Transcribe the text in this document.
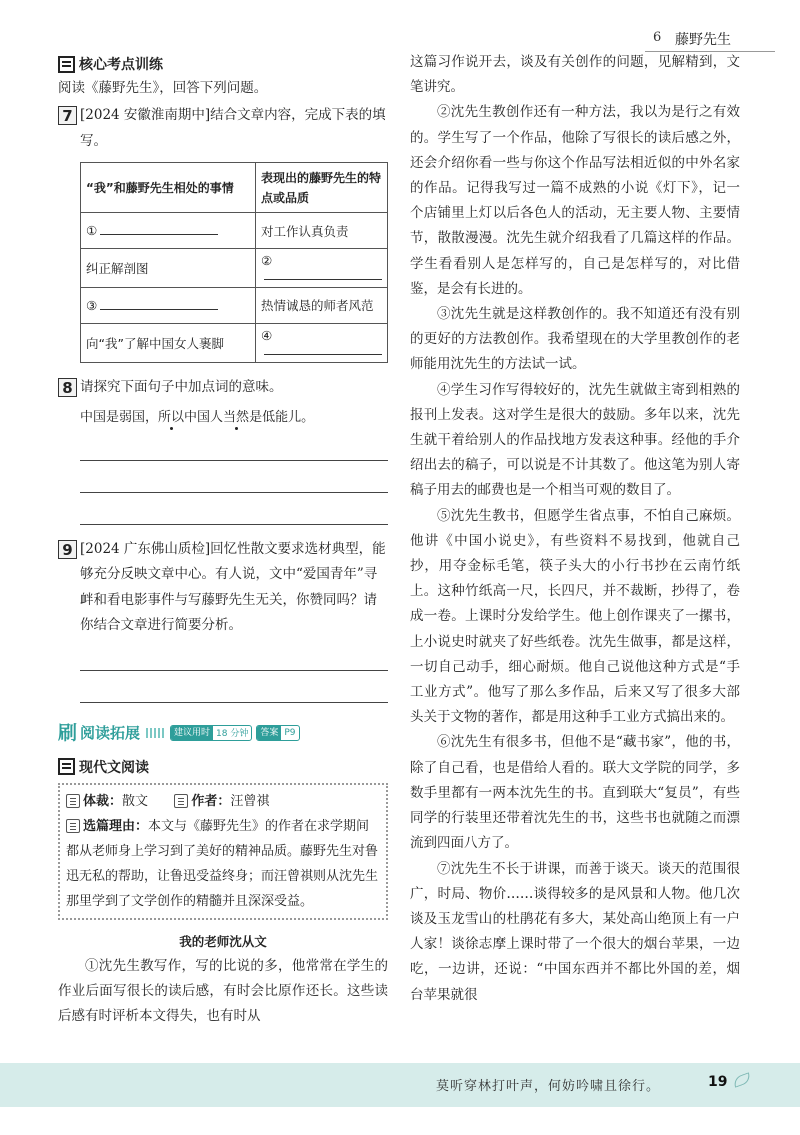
6 藤野先生
核心考点训练
阅读《藤野先生》，回答下列问题。
7 [2024 安徽淮南期中]结合文章内容，完成下表的填写。
“我”和藤野先生相处的事情	表现出的藤野先生的特点或品质
①	对工作认真负责
纠正解剖图	②
③	热情诚恳的师者风范
向“我”了解中国女人裹脚	④
8 请探究下面句子中加点词的意味。
中国是弱国，所以中国人当然是低能儿。
9 [2024 广东佛山质检]回忆性散文要求选材典型，能够充分反映文章中心。有人说，文中“爱国青年”寻衅和看电影事件与写藤野先生无关，你赞同吗？请你结合文章进行简要分析。
刷 阅读拓展	建议用时 18 分钟	答案 P9
现代文阅读
体裁：散文	作者：汪曾祺
选篇理由：本文与《藤野先生》的作者在求学期间都从老师身上学习到了美好的精神品质。藤野先生对鲁迅无私的帮助，让鲁迅受益终身；而汪曾祺则从沈先生那里学到了文学创作的精髓并且深深受益。
我的老师沈从文
①沈先生教写作，写的比说的多，他常常在学生的作业后面写很长的读后感，有时会比原作还长。这些读后感有时评析本文得失，也有时从
这篇习作说开去，谈及有关创作的问题，见解精到，文笔讲究。
②沈先生教创作还有一种方法，我以为是行之有效的。学生写了一个作品，他除了写很长的读后感之外，还会介绍你看一些与你这个作品写法相近似的中外名家的作品。记得我写过一篇不成熟的小说《灯下》，记一个店铺里上灯以后各色人的活动，无主要人物、主要情节，散散漫漫。沈先生就介绍我看了几篇这样的作品。学生看看别人是怎样写的，自己是怎样写的，对比借鉴，是会有长进的。
③沈先生就是这样教创作的。我不知道还有没有别的更好的方法教创作。我希望现在的大学里教创作的老师能用沈先生的方法试一试。
④学生习作写得较好的，沈先生就做主寄到相熟的报刊上发表。这对学生是很大的鼓励。多年以来，沈先生就干着给别人的作品找地方发表这种事。经他的手介绍出去的稿子，可以说是不计其数了。他这笔为别人寄稿子用去的邮费也是一个相当可观的数目了。
⑤沈先生教书，但愿学生省点事，不怕自己麻烦。他讲《中国小说史》，有些资料不易找到，他就自己抄，用夺金标毛笔，筷子头大的小行书抄在云南竹纸上。这种竹纸高一尺，长四尺，并不裁断，抄得了，卷成一卷。上课时分发给学生。他上创作课夹了一摞书，上小说史时就夹了好些纸卷。沈先生做事，都是这样，一切自己动手，细心耐烦。他自己说他这种方式是“手工业方式”。他写了那么多作品，后来又写了很多大部头关于文物的著作，都是用这种手工业方式搞出来的。
⑥沈先生有很多书，但他不是“藏书家”，他的书，除了自己看，也是借给人看的。联大文学院的同学，多数手里都有一两本沈先生的书。直到联大“复员”，有些同学的行装里还带着沈先生的书，这些书也就随之而漂流到四面八方了。
⑦沈先生不长于讲课，而善于谈天。谈天的范围很广，时局、物价……谈得较多的是风景和人物。他几次谈及玉龙雪山的杜鹃花有多大，某处高山绝顶上有一户人家！谈徐志摩上课时带了一个很大的烟台苹果，一边吃，一边讲，还说：“中国东西并不都比外国的差，烟台苹果就很
莫听穿林打叶声，何妨吟啸且徐行。	19
